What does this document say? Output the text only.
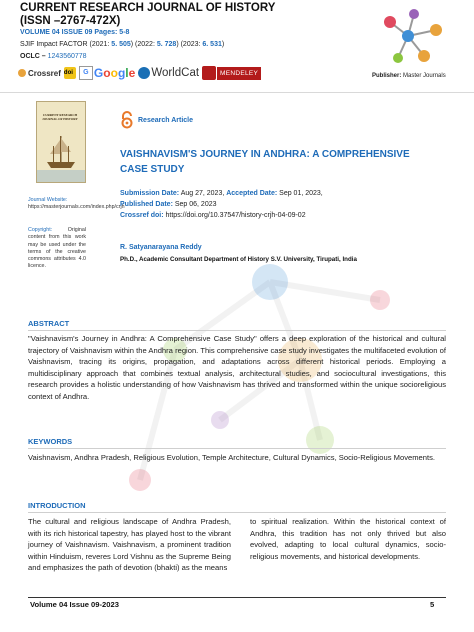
CURRENT RESEARCH JOURNAL OF HISTORY
(ISSN –2767-472X)
VOLUME 04 ISSUE 09 Pages: 5-8
SJIF Impact FACTOR (2021: 5. 505) (2022: 5. 728) (2023: 6. 531)
OCLC – 1243560778
Crossref doi	G Google WorldCat	MENDELEY	Publisher: Master Journals
CURRENT RESEARCH JOURNAL OF HISTORY
Journal Website: https://masterjournals.com/index.php/crjh
Copyright:	Original content from this work may be used under the terms of the creative commons attributes 4.0 licence.
Research Article
VAISHNAVISM'S JOURNEY IN ANDHRA: A COMPREHENSIVE CASE STUDY
Submission Date: Aug 27, 2023, Accepted Date: Sep 01, 2023,
Published Date: Sep 06, 2023
Crossref doi: https://doi.org/10.37547/history-crjh-04-09-02
R. Satyanarayana Reddy
Ph.D., Academic Consultant Department of History S.V. University, Tirupati, India
ABSTRACT
"Vaishnavism's Journey in Andhra: A Comprehensive Case Study" offers a deep exploration of the historical and cultural trajectory of Vaishnavism within the Andhra region. This comprehensive case study investigates the multifaceted evolution of Vaishnavism, tracing its origins, propagation, and adaptations across different historical periods. Employing a multidisciplinary approach that combines textual analysis, architectural studies, and sociocultural investigations, this research provides a holistic understanding of how Vaishnavism has thrived and transformed within the unique socioreligious context of Andhra.
KEYWORDS
Vaishnavism, Andhra Pradesh, Religious Evolution, Temple Architecture, Cultural Dynamics, Socio-Religious Movements.
INTRODUCTION
The cultural and religious landscape of Andhra Pradesh, with its rich historical tapestry, has played host to the vibrant journey of Vaishnavism. Vaishnavism, a prominent tradition within Hinduism, reveres Lord Vishnu as the Supreme Being and emphasizes the path of devotion (bhakti) as the means
to spiritual realization. Within the historical context of Andhra, this tradition has not only thrived but also evolved, adapting to local cultural dynamics, socio-religious movements, and historical developments.
Volume 04 Issue 09-2023	5
